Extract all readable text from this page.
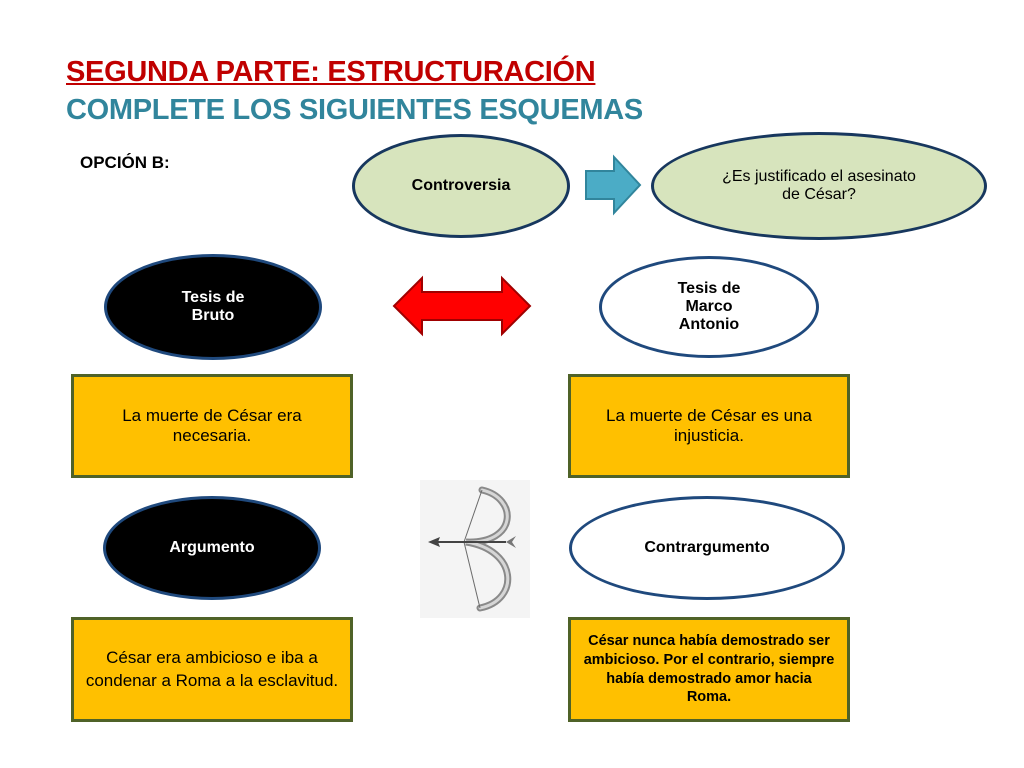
SEGUNDA PARTE: ESTRUCTURACIÓN
COMPLETE LOS SIGUIENTES ESQUEMAS
OPCIÓN B:
Controversia
¿Es justificado el asesinato de César?
Tesis de Bruto
Tesis de Marco Antonio
La muerte de César era necesaria.
La muerte de César es una injusticia.
Argumento	Contrargumento
César era ambicioso e iba a condenar a Roma a la esclavitud.
César nunca había demostrado ser ambicioso. Por el contrario, siempre había demostrado amor hacia Roma.
